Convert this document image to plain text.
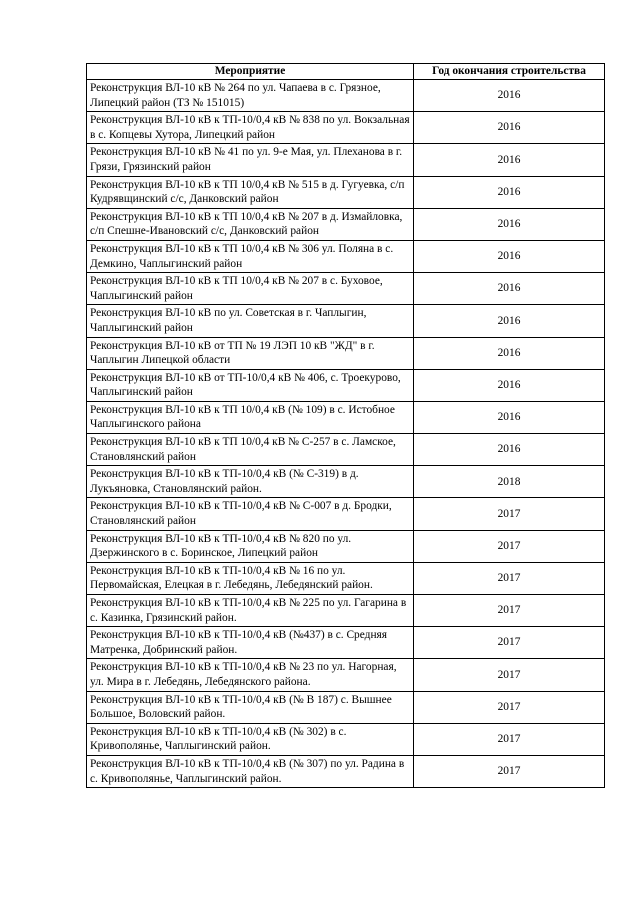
Мероприятие	Год окончания строительства
Реконструкция ВЛ-10 кВ № 264 по ул. Чапаева в с. Грязное, Липецкий район (ТЗ № 151015)	2016
Реконструкция ВЛ-10 кВ к ТП-10/0,4 кВ № 838 по ул. Вокзальная в с. Копцевы Хутора, Липецкий район	2016
Реконструкция ВЛ-10 кВ № 41 по ул. 9-е Мая, ул. Плеханова в г. Грязи, Грязинский район	2016
Реконструкция ВЛ-10 кВ к ТП 10/0,4 кВ № 515 в д. Гугуевка, с/п Кудрявщинский с/с, Данковский район	2016
Реконструкция ВЛ-10 кВ к ТП 10/0,4 кВ № 207 в д. Измайловка, с/п Спешне-Ивановский с/с, Данковский район	2016
Реконструкция ВЛ-10 кВ к ТП 10/0,4 кВ № 306 ул. Поляна в с. Демкино, Чаплыгинский район	2016
Реконструкция ВЛ-10 кВ к ТП 10/0,4 кВ № 207 в с. Буховое, Чаплыгинский район	2016
Реконструкция ВЛ-10 кВ по ул. Советская в г. Чаплыгин, Чаплыгинский район	2016
Реконструкция ВЛ-10 кВ от ТП № 19 ЛЭП 10 кВ "ЖД" в г. Чаплыгин Липецкой области	2016
Реконструкция ВЛ-10 кВ от ТП-10/0,4 кВ № 406, с. Троекурово, Чаплыгинский район	2016
Реконструкция ВЛ-10 кВ к ТП 10/0,4 кВ (№ 109) в с. Истобное Чаплыгинского района	2016
Реконструкция ВЛ-10 кВ к ТП 10/0,4 кВ № С-257 в с. Ламское, Становлянский район	2016
Реконструкция ВЛ-10 кВ к ТП-10/0,4 кВ (№ С-319) в д. Лукъяновка, Становлянский район.	2018
Реконструкция ВЛ-10 кВ к ТП-10/0,4 кВ № С-007 в д. Бродки, Становлянский район	2017
Реконструкция ВЛ-10 кВ к ТП-10/0,4 кВ № 820 по ул. Дзержинского в с. Боринское, Липецкий район	2017
Реконструкция ВЛ-10 кВ к ТП-10/0,4 кВ № 16 по ул. Первомайская, Елецкая в г. Лебедянь, Лебедянский район.	2017
Реконструкция ВЛ-10 кВ к ТП-10/0,4 кВ № 225 по ул. Гагарина в с. Казинка, Грязинский район.	2017
Реконструкция ВЛ-10 кВ к ТП-10/0,4 кВ (№437) в с. Средняя Матренка, Добринский район.	2017
Реконструкция ВЛ-10 кВ к ТП-10/0,4 кВ № 23 по ул. Нагорная, ул. Мира в г. Лебедянь, Лебедянского района.	2017
Реконструкция ВЛ-10 кВ к ТП-10/0,4 кВ (№ В 187) с. Вышнее Большое, Воловский район.	2017
Реконструкция ВЛ-10 кВ к ТП-10/0,4 кВ (№ 302) в с. Кривополянье, Чаплыгинский район.	2017
Реконструкция ВЛ-10 кВ к ТП-10/0,4 кВ (№ 307) по ул. Радина в с. Кривополянье, Чаплыгинский район.	2017
